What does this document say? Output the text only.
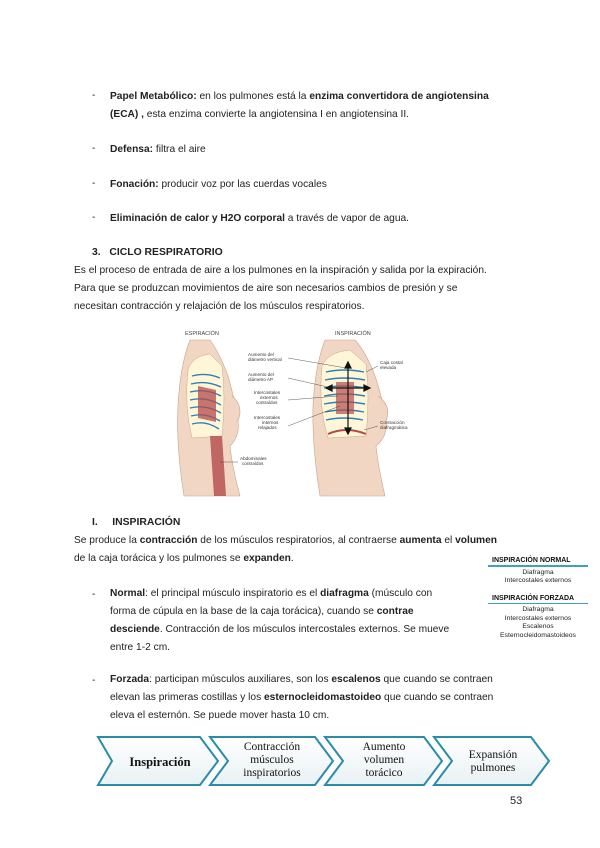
- Papel Metabólico: en los pulmones está la enzima convertidora de angiotensina
(ECA) , esta enzima convierte la angiotensina I en angiotensina II.
- Defensa: filtra el aire
- Fonación: producir voz por las cuerdas vocales
- Eliminación de calor y H2O corporal a través de vapor de agua.
3. CICLO RESPIRATORIO
Es el proceso de entrada de aire a los pulmones en la inspiración y salida por la expiración.
Para que se produzcan movimientos de aire son necesarios cambios de presión y se
necesitan contracción y relajación de los músculos respiratorios.
ESPIRACIÓN	INSPIRACIÓN
Aumento del
diámetro vertical
Aumento del
diámetro AP
Intercostales
externos
contraídos
Intercostales
internos
relajados
Abdominales
contraídos
Caja costal
elevada
Contracción
diafragmática
I. INSPIRACIÓN
Se produce la contracción de los músculos respiratorios, al contraerse aumenta el volumen
de la caja torácica y los pulmones se expanden.
- Normal: el principal músculo inspiratorio es el diafragma (músculo con
forma de cúpula en la base de la caja torácica), cuando se contrae
desciende. Contracción de los músculos intercostales externos. Se mueve
entre 1-2 cm.
INSPIRACIÓN NORMAL
Diafragma
Intercostales externos
INSPIRACIÓN FORZADA
Diafragma
Intercostales externos
Escalenos
Esternocleidomastoideos
- Forzada: participan músculos auxiliares, son los escalenos que cuando se contraen
elevan las primeras costillas y los esternocleidomastoideo que cuando se contraen
eleva el esternón. Se puede mover hasta 10 cm.
Inspiración
Contracción
músculos
inspiratorios
Aumento
volumen
torácico
Expansión
pulmones
53
